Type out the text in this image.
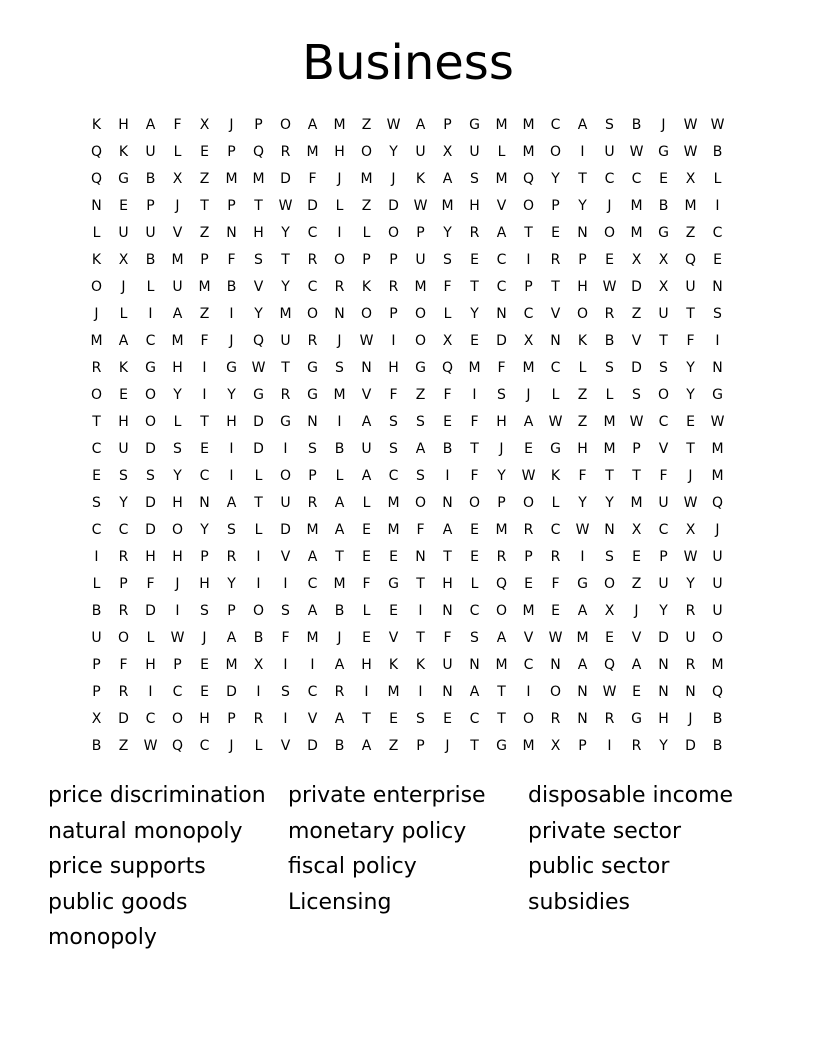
Business
K	H	A	F	X	J	P	O	A	M	Z	W	A	P	G	M	M	C	A	S	B	J	W W
Q	K	U	L	E	P	Q	R	M	H	O	Y	U	X	U	L	M	O	I	U	W	G	W	B
Q	G	B	X	Z	M	M	D	F	J	M	J	K	A	S	M	Q	Y	T	C	C	E	X	L
N	E	P	J	T	P	T	W	D	L	Z	D	W	M	H	V	O	P	Y	J	M	B	M	I
L	U	U	V	Z	N	H	Y	C	I	L	O	P	Y	R	A	T	E	N	O	M	G	Z	C
K	X	B	M	P	F	S	T	R	O	P	P	U	S	E	C	I	R	P	E	X	X	Q	E
O	J	L	U	M	B	V	Y	C	R	K	R	M	F	T	C	P	T	H	W	D	X	U	N
J	L	I	A	Z	I	Y	M	O	N	O	P	O	L	Y	N	C	V	O	R	Z	U	T	S
M	A	C	M	F	J	Q	U	R	J	W	I	O	X	E	D	X	N	K	B	V	T	F	I
R	K	G	H	I	G	W	T	G	S	N	H	G	Q	M	F	M	C	L	S	D	S	Y	N
O	E	O	Y	I	Y	G	R	G	M	V	F	Z	F	I	S	J	L	Z	L	S	O	Y	G
T	H	O	L	T	H	D	G	N	I	A	S	S	E	F	H	A	W	Z	M	W	C	E	W
C	U	D	S	E	I	D	I	S	B	U	S	A	B	T	J	E	G	H	M	P	V	T	M
E	S	S	Y	C	I	L	O	P	L	A	C	S	I	F	Y	W	K	F	T	T	F	J	M
S	Y	D	H	N	A	T	U	R	A	L	M	O	N	O	P	O	L	Y	Y	M	U	W	Q
C	C	D	O	Y	S	L	D	M	A	E	M	F	A	E	M	R	C	W	N	X	C	X	J
I	R	H	H	P	R	I	V	A	T	E	E	N	T	E	R	P	R	I	S	E	P	W	U
L	P	F	J	H	Y	I	I	C	M	F	G	T	H	L	Q	E	F	G	O	Z	U	Y	U
B	R	D	I	S	P	O	S	A	B	L	E	I	N	C	O	M	E	A	X	J	Y	R	U
U	O	L	W	J	A	B	F	M	J	E	V	T	F	S	A	V	W	M	E	V	D	U	O
P	F	H	P	E	M	X	I	I	A	H	K	K	U	N	M	C	N	A	Q	A	N	R	M
P	R	I	C	E	D	I	S	C	R	I	M	I	N	A	T	I	O	N	W	E	N	N	Q
X	D	C	O	H	P	R	I	V	A	T	E	S	E	C	T	O	R	N	R	G	H	J	B
B	Z	W	Q	C	J	L	V	D	B	A	Z	P	J	T	G	M	X	P	I	R	Y	D	B
price discrimination	private enterprise	disposable income
natural monopoly	monetary policy	private sector
price supports	fiscal policy	public sector
public goods	Licensing	subsidies
monopoly
